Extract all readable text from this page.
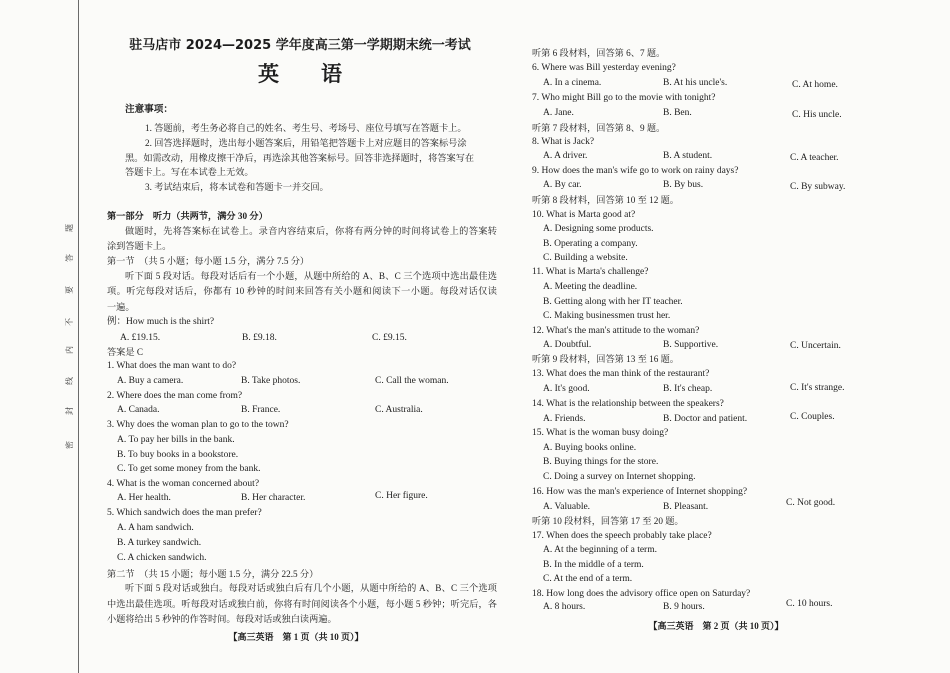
密
封
线
内
不
要
答
题
驻马店市 2024—2025 学年度高三第一学期期末统一考试
英　　语
注意事项：
1. 答题前，考生务必将自己的姓名、考生号、考场号、座位号填写在答题卡上。
2. 回答选择题时，选出每小题答案后，用铅笔把答题卡上对应题目的答案标号涂
黑。如需改动，用橡皮擦干净后，再选涂其他答案标号。回答非选择题时，将答案写在
答题卡上。写在本试卷上无效。
3. 考试结束后，将本试卷和答题卡一并交回。
第一部分　听力（共两节，满分 30 分）
做题时，先将答案标在试卷上。录音内容结束后，你将有两分钟的时间将试卷上的答案转
涂到答题卡上。
第一节　（共 5 小题；每小题 1.5 分，满分 7.5 分）
听下面 5 段对话。每段对话后有一个小题，从题中所给的 A、B、C 三个选项中选出最佳选
项。听完每段对话后，你都有 10 秒钟的时间来回答有关小题和阅读下一小题。每段对话仅读
一遍。
例：How much is the shirt?
A. £19.15.	B. £9.18.	C. £9.15.
答案是 C
1. What does the man want to do?
A. Buy a camera.	B. Take photos.	C. Call the woman.
2. Where does the man come from?
A. Canada.	B. France.	C. Australia.
3. Why does the woman plan to go to the town?
A. To pay her bills in the bank.
B. To buy books in a bookstore.
C. To get some money from the bank.
4. What is the woman concerned about?
A. Her health.	B. Her character.	C. Her figure.
5. Which sandwich does the man prefer?
A. A ham sandwich.
B. A turkey sandwich.
C. A chicken sandwich.
第二节　（共 15 小题；每小题 1.5 分，满分 22.5 分）
听下面 5 段对话或独白。每段对话或独白后有几个小题，从题中所给的 A、B、C 三个选项
中选出最佳选项。听每段对话或独白前，你将有时间阅读各个小题，每小题 5 秒钟；听完后，各
小题将给出 5 秒钟的作答时间。每段对话或独白读两遍。
【高三英语　第 1 页（共 10 页）】
听第 6 段材料，回答第 6、7 题。
6. Where was Bill yesterday evening?
A. In a cinema.	B. At his uncle's.	C. At home.
7. Who might Bill go to the movie with tonight?
A. Jane.	B. Ben.	C. His uncle.
听第 7 段材料，回答第 8、9 题。
8. What is Jack?
A. A driver.	B. A student.	C. A teacher.
9. How does the man's wife go to work on rainy days?
A. By car.	B. By bus.	C. By subway.
听第 8 段材料，回答第 10 至 12 题。
10. What is Marta good at?
A. Designing some products.
B. Operating a company.
C. Building a website.
11. What is Marta's challenge?
A. Meeting the deadline.
B. Getting along with her IT teacher.
C. Making businessmen trust her.
12. What's the man's attitude to the woman?
A. Doubtful.	B. Supportive.	C. Uncertain.
听第 9 段材料，回答第 13 至 16 题。
13. What does the man think of the restaurant?
A. It's good.	B. It's cheap.	C. It's strange.
14. What is the relationship between the speakers?
A. Friends.	B. Doctor and patient.	C. Couples.
15. What is the woman busy doing?
A. Buying books online.
B. Buying things for the store.
C. Doing a survey on Internet shopping.
16. How was the man's experience of Internet shopping?
A. Valuable.	B. Pleasant.	C. Not good.
听第 10 段材料，回答第 17 至 20 题。
17. When does the speech probably take place?
A. At the beginning of a term.
B. In the middle of a term.
C. At the end of a term.
18. How long does the advisory office open on Saturday?
A. 8 hours.	B. 9 hours.	C. 10 hours.
【高三英语　第 2 页（共 10 页）】
